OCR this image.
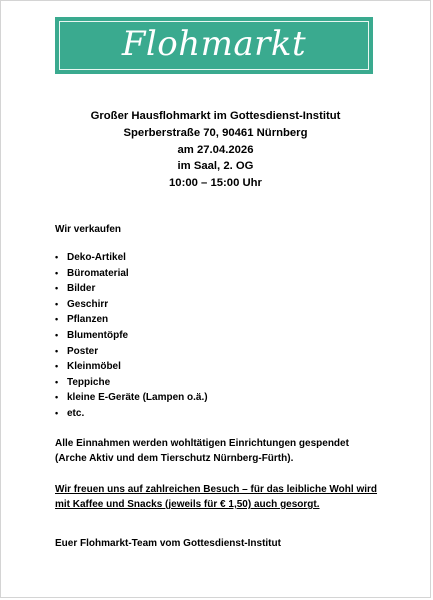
Flohmarkt
Großer Hausflohmarkt im Gottesdienst-Institut
Sperberstraße 70, 90461 Nürnberg
am 27.04.2026
im Saal, 2. OG
10:00 – 15:00 Uhr
Wir verkaufen
• Deko-Artikel
• Büromaterial
• Bilder
• Geschirr
• Pflanzen
• Blumentöpfe
• Poster
• Kleinmöbel
• Teppiche
• kleine E-Geräte (Lampen o.ä.)
• etc.
Alle Einnahmen werden wohltätigen Einrichtungen gespendet
(Arche Aktiv und dem Tierschutz Nürnberg-Fürth).
Wir freuen uns auf zahlreichen Besuch – für das leibliche Wohl wird
mit Kaffee und Snacks (jeweils für € 1,50) auch gesorgt.
Euer Flohmarkt-Team vom Gottesdienst-Institut
